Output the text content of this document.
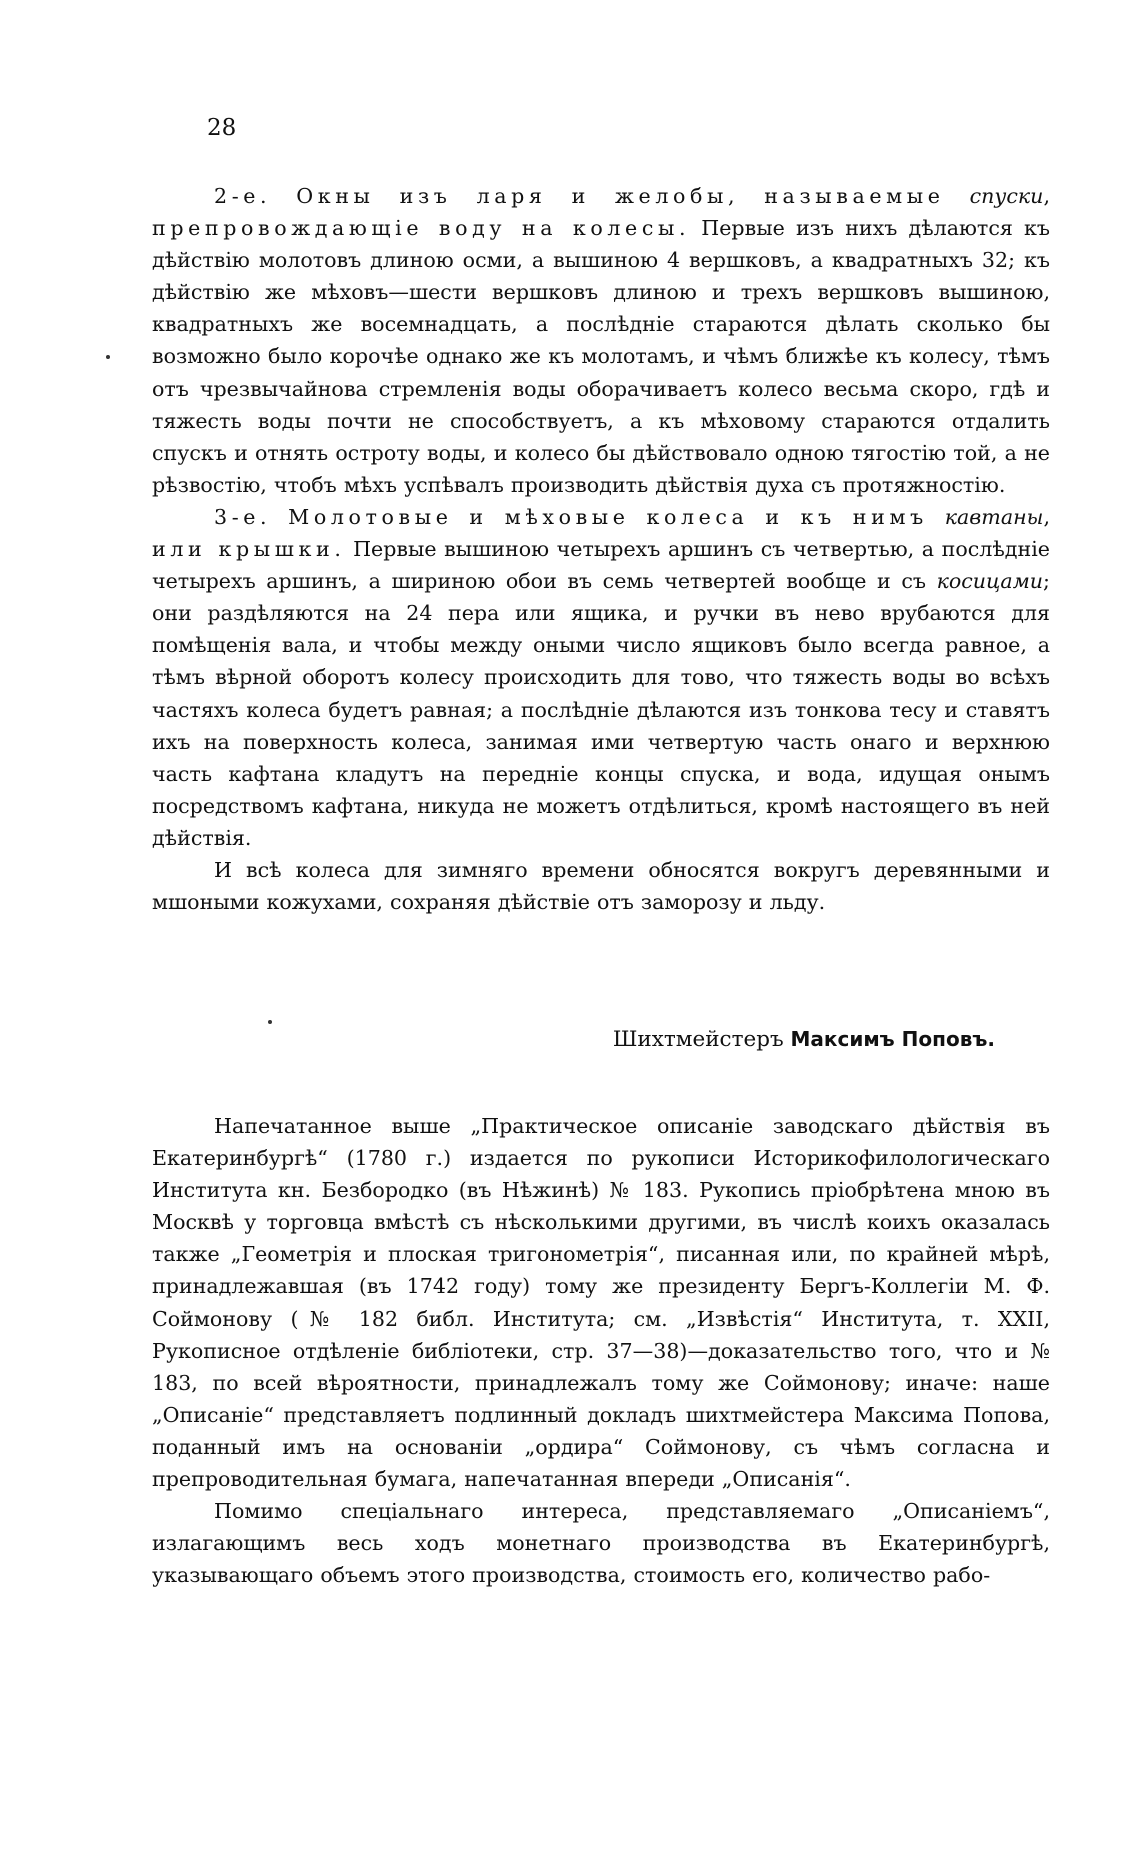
28

2-е. Окны изъ ларя и желобы, называемые спуски, препровождающіе воду на колесы. Первые изъ нихъ дѣлаются къ дѣйствію молотовъ длиною осми, а вышиною 4 вершковъ, а квадратныхъ 32; къ дѣйствію же мѣховъ—шести вершковъ длиною и трехъ вершковъ вышиною, квадратныхъ же восемнадцать, а послѣдніе стараются дѣлать сколько бы возможно было корочѣе однако же къ молотамъ, и чѣмъ ближѣе къ колесу, тѣмъ отъ чрезвычайнова стремленія воды оборачиваетъ колесо весьма скоро, гдѣ и тяжесть воды почти не способствуетъ, а къ мѣховому стараются отдалить спускъ и отнять остроту воды, и колесо бы дѣйствовало одною тягостію той, а не рѣзвостію, чтобъ мѣхъ успѣвалъ производить дѣйствія духа съ протяжностію.

3-е. Молотовые и мѣховые колеса и къ нимъ кавтаны, или крышки. Первые вышиною четырехъ аршинъ съ четвертью, а послѣдніе четырехъ аршинъ, а шириною обои въ семь четвертей вообще и съ косицами; они раздѣляются на 24 пера или ящика, и ручки въ нево врубаются для помѣщенія вала, и чтобы между оными число ящиковъ было всегда равное, а тѣмъ вѣрной оборотъ колесу происходить для тово, что тяжесть воды во всѣхъ частяхъ колеса будетъ равная; а послѣдніе дѣлаются изъ тонкова тесу и ставятъ ихъ на поверхность колеса, занимая ими четвертую часть онаго и верхнюю часть кафтана кладутъ на передніе концы спуска, и вода, идущая онымъ посредствомъ кафтана, никуда не можетъ отдѣлиться, кромѣ настоящего въ ней дѣйствія.

И всѣ колеса для зимняго времени обносятся вокругъ деревянными и мшоными кожухами, сохраняя дѣйствіе отъ заморозу и льду.

Шихтмейстеръ Максимъ Поповъ.

Напечатанное выше „Практическое описаніе заводскаго дѣйствія въ Екатеринбургѣ“ (1780 г.) издается по рукописи Историкофилологическаго Института кн. Безбородко (въ Нѣжинѣ) № 183. Рукопись пріобрѣтена мною въ Москвѣ у торговца вмѣстѣ съ нѣсколькими другими, въ числѣ коихъ оказалась также „Геометрія и плоская тригонометрія“, писанная или, по крайней мѣрѣ, принадлежавшая (въ 1742 году) тому же президенту Бергъ-Коллегіи М. Ф. Соймонову (№ 182 библ. Института; см. „Извѣстія“ Института, т. XXII, Рукописное отдѣленіе библіотеки, стр. 37—38)—доказательство того, что и № 183, по всей вѣроятности, принадлежалъ тому же Соймонову; иначе: наше „Описаніе“ представляетъ подлинный докладъ шихтмейстера Максима Попова, поданный имъ на основаніи „ордира“ Соймонову, съ чѣмъ согласна и препроводительная бумага, напечатанная впереди „Описанія“.

Помимо спеціальнаго интереса, представляемаго „Описаніемъ“, излагающимъ весь ходъ монетнаго производства въ Екатеринбургѣ, указывающаго объемъ этого производства, стоимость его, количество рабо-
